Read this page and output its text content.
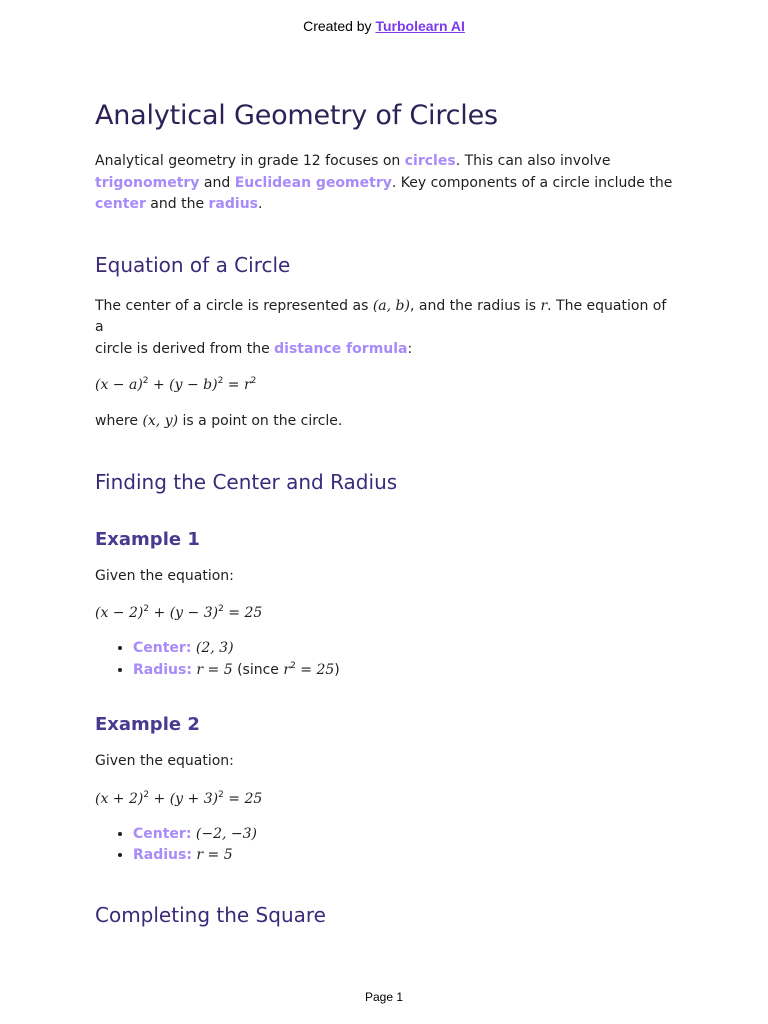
Created by Turbolearn AI
Analytical Geometry of Circles

Analytical geometry in grade 12 focuses on circles. This can also involve
trigonometry and Euclidean geometry. Key components of a circle include the
center and the radius.

Equation of a Circle

The center of a circle is represented as (a, b), and the radius is r. The equation of a
circle is derived from the distance formula:

$(x - a)^2 + (y - b)^2 = r^2$

where (x, y) is a point on the circle.

Finding the Center and Radius
Example 1

Given the equation:

$(x - 2)^2 + (y - 3)^2 = 25$

• Center: (2, 3)
• Radius: r = 5 (since $r^2 = 25$)
Example 2

Given the equation:

$(x + 2)^2 + (y + 3)^2 = 25$

• Center: (−2, −3)
• Radius: r = 5
Completing the Square
Page 1
